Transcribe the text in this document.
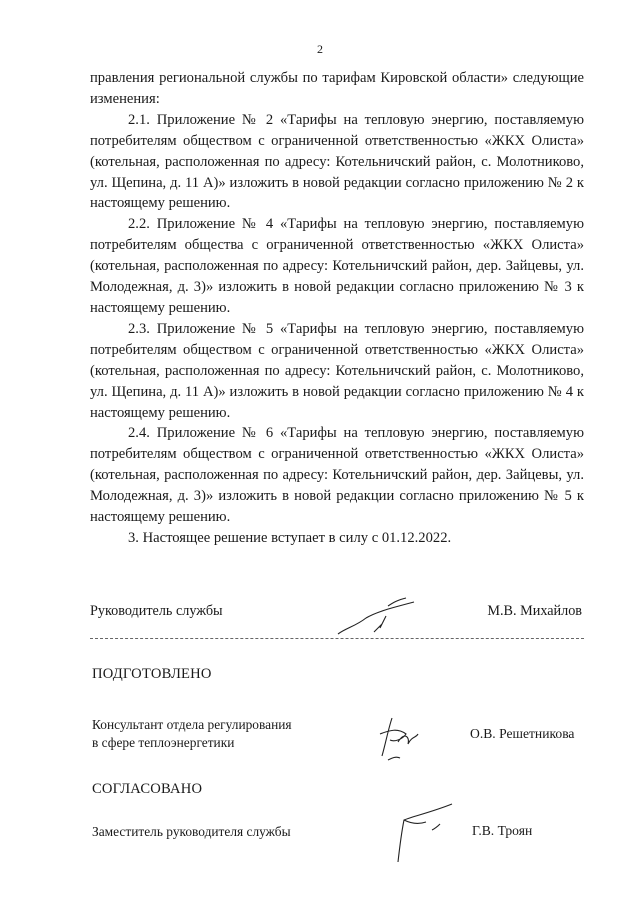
2

правления региональной службы по тарифам Кировской области» следующие изменения:

2.1. Приложение № 2 «Тарифы на тепловую энергию, поставляемую потребителям обществом с ограниченной ответственностью «ЖКХ Олиста» (котельная, расположенная по адресу: Котельничский район, с. Молотниково, ул. Щепина, д. 11 А)» изложить в новой редакции согласно приложению № 2 к настоящему решению.

2.2. Приложение № 4 «Тарифы на тепловую энергию, поставляемую потребителям общества с ограниченной ответственностью «ЖКХ Олиста» (котельная, расположенная по адресу: Котельничский район, дер. Зайцевы, ул. Молодежная, д. 3)» изложить в новой редакции согласно приложению № 3 к настоящему решению.

2.3. Приложение № 5 «Тарифы на тепловую энергию, поставляемую потребителям обществом с ограниченной ответственностью «ЖКХ Олиста» (котельная, расположенная по адресу: Котельничский район, с. Молотниково, ул. Щепина, д. 11 А)» изложить в новой редакции согласно приложению № 4 к настоящему решению.

2.4. Приложение № 6 «Тарифы на тепловую энергию, поставляемую потребителям обществом с ограниченной ответственностью «ЖКХ Олиста» (котельная, расположенная по адресу: Котельничский район, дер. Зайцевы, ул. Молодежная, д. 3)» изложить в новой редакции согласно приложению № 5 к настоящему решению.

3. Настоящее решение вступает в силу с 01.12.2022.

Руководитель службы	М.В. Михайлов
ПОДГОТОВЛЕНО
Консультант отдела регулирования
в сфере теплоэнергетики
О.В. Решетникова
СОГЛАСОВАНО
Заместитель руководителя службы	Г.В. Троян
